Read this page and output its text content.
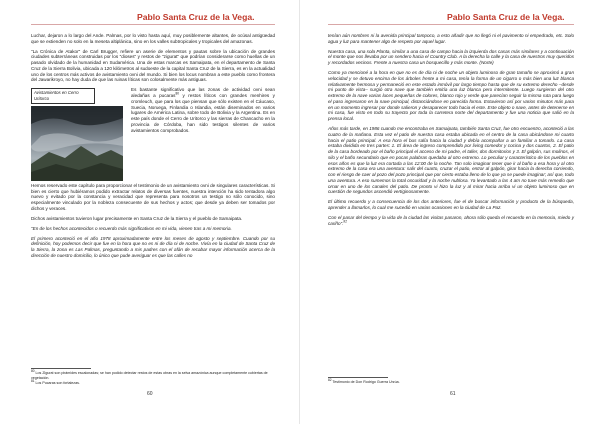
Pablo Santa Cruz de la Vega.

Luchar, dejaron a lo largo del Ande. Palmas, por lo visto hasta aquí, muy posiblemente altantes, de ocúsal antigüedad que se extienden no solo en la meseta altiplánica, sino en los valles subtropicales y tropicales del amazonas.

"La Crónica de Atakor" de Carl Brugger, refiere un aserie de elementos y pautas sobre la ubicación de grandes ciudades subterráneas construidas por los "dioses" y restos de "zigurat" que podrían considerarse como huellas de un pasado olvidado de la humanidad en Sudamérica. Una de estas marcas es Samaipata, en el departamento de Santa Cruz de la Sierra Bolivia, ubicada a 120 kilómetros al sudoeste de la capital Santa Cruz de la Sierra, es en la actualidad uno de los centros más activos de avistamiento ovni del mundo. Si bien los locus nombran a este pueblo como frontera del Jawarikroyo, no hay duda de que las ruinas líticas son colosalmente más antiguas.

Avistamientos en Cerro Uritorco

Es bastante significativo que las zonas de actividad ovni sean aledañas a pucaras$^{80}$ y restos líticos con grandes menhires y cromleuch, que para los que piensan que sólo existen en el Cáucaso, Suecia, Noruega, Finlandia o Islandia, están diseminados en varios lugares de América Latina, sobre todo de Bolivia y la Argentina. Es en este país donde el Cerro de Uritorco y las sierras de Chancacho en la provincia de Córdoba, han sido testigos silentes de varios avistamientos comprobados.

Hemos reservado este capítulo para proporcionar el testimonio de un avistamiento ovni de singulares características. Si bien es cierto que hubiéramos podido extractar relatos de diversas fuentes, nuestra intención ha sido tentadora algo nuevo y evitado por la constancia y veracidad que representa para nosotros un testigo no sólo conocido, sino especialmente vinculado por la nobleza consecuente de sus hechos y actos; que desde ya deben ser tomados por dichos y veraces.

Dichos avistamientos tuvieron lugar precisamente en Santa Cruz de la Sierra y el pueblo de Samaipata.

"En de los hechos acontecidos o recuerdo más significativos en mi vida, vienen tras a mi memoria.

El primero aconteció en el año 1978 aproximadamente entre los meses de agosto y septiembre. Cuando por su definición, hoy podemos decir que fue en la hora que no es ni de día ni de noche. Vivía en la ciudad de Santa Cruz de la Sierra, la zona es Las Palmas, preguntando a mis padres con el afán de recabar mayor información acerca de la dirección de nuestro domicilio, lo único que pude averiguar es que las calles no

80 Los Zigurat son pirámides escalonadas; se han podido detectar restos de estas obras en la selva amazónica aunque completamente cubiertas de vegetación.

81 Los Pucaras son fortalezas.

60
Pablo Santa Cruz de la Vega.

tenían aún nombres ni la avenida principal tampoco, a esto añadir que no llegó ni el pavimento ni empedrado, etc. Solo agua y luz para mantener algo de respeto por aquel lugar.

Nuestra casa, una sola Planta, similar a una casa de campo hacia la izquierda dos casas más similares y a continuación el monte que nos llevaba por un sendero hacia el Country Club. A la derecha la calle y la casa de nuestros muy queridos y recordados vecinos. Frente a nuestra casa un bosquecillo y más monte. (Norte)

Como ya mencioné a la hora en que no es de día ni de noche un objeto luminoso de gran tamaño se aproximó a gran velocidad y se detuvo encima de los árboles frente a mi casa, tenía la forma de un cigarro o más bien una luz blanca relativamente hermosa y permaneció en este estado inmóvil por largo tiempo hasta que de su extremo derecho –desde mi punto de vista– surgió otra nave que también emitía una luz blanca pero intermitente. Luego surgieron del otro extremo de la nave varias luces pequeñas de colores, blanco rojo y verde que parecían seguir la misma ruta para luego el paso ingresaron en la nave principal, distanciándose en parecida forma. Estuvieron así por varios minutos más para en un momento ingresar por donde salieron y desaparecer todo hacia el este. Este objeto o nave, antes de detenerse en mi casa, fue visto en todo su trayecto por toda la carretera norte del departamento y fue una noticia que salió en la prensa local.

Años más tarde, en 1986 cuando me encontraba en Samaipata, también Santa Cruz, fue otro encuentro, aconteció a las cuatro de la mañana. Esta vez el patio de nuestra casa estaba ubicada en el centro de la casa ubicándose mi cuarto hacia el patio principal. A esa hora el bus salía hacia la ciudad y debía acompañar a un familiar a tomarlo. La casa estaba dividida en tres partes: 1. El área de ingreso comprendido por living comedor y cocina y dos cuartos, 2. El patio de la casa bordeado por el baño principal el acceso de mi padre, el taller, dos dormitorios y 3. El galpón, sus molinos, el silo y el baño secundario que en pocas palabras quedaba al otro extremo. Lo peculiar y característico de los pueblos en esos años es que la luz era cortada a las 12:00 de la noche. Tan solo imaginar tener que ir al baño a esa hora y al otro extremo de la casa era una aventura: salir del cuarto, cruzar el patio, entrar al galpón, girar hacia la derecha corriendo, con el riesgo de caer al pozo del pozo principal que por cierto estaba lleno de lo que ya se puede imaginar; así que, todo una aventura. A eso sumemos la total oscuridad y la noche nublosa. Ya levantado a las 4 am no tuve más remedio que ornar en uno de los canales del patio. De pronto vi hizo la luz y al mirar hacia arriba vi un objeto luminoso que en cuestión de segundos ascendió vertiginosamente.

El último recuerdo y a consecuencia de los dos anteriores, fue el de buscar información y producto de la búsqueda, aprender a llamarlos, lo cual me sucedió en varias ocasiones en la ciudad de La Paz.

Con el pasar del tiempo y la vida de la ciudad las visitas pasaron, ahora sólo queda el recuerdo en la memoria, miedo y cariño".$^{82}$

82 Testimonio de Don Rodrigo Guerra Urzúa.

61
